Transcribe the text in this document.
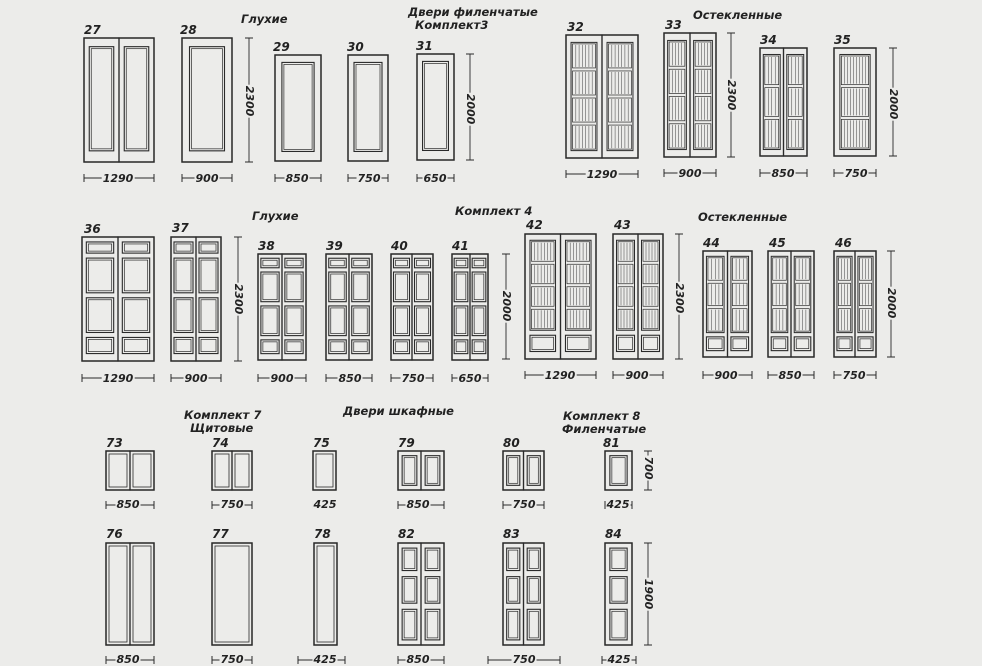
Глухие	Двери филенчатые
Комплект3
Остекленные
Глухие	Комплект 4	Остекленные
Комплект 7
Щитовые
Двери шкафные	Комплект 8
Филенчатые
27	28
29	30	31
32	33
34	35
36	37
38	39	40	41
42	43
44	45	46
73	74	75	79	80	81
76	77	78	82	83	84
1290	900	850	750	650	1290	900	850	750
1290	900	900	850	750	650	1290	900	900	850	750
850	750	425	850	750	425
850	750	425	850	750	425
2300	2000	2300	2000
2300	2000	2300	2000
700
1900
